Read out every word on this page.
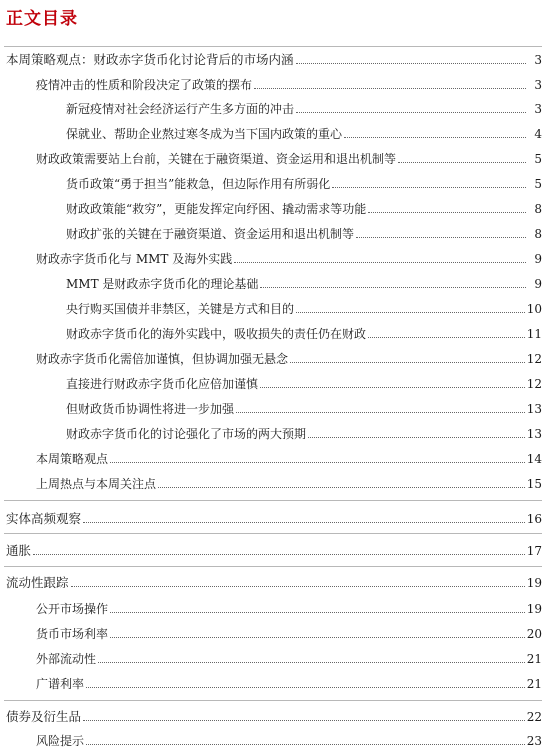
正文目录
本周策略观点：财政赤字货币化讨论背后的市场内涵	3
疫情冲击的性质和阶段决定了政策的摆布	3
新冠疫情对社会经济运行产生多方面的冲击	3
保就业、帮助企业熬过寒冬成为当下国内政策的重心	4
财政政策需要站上台前，关键在于融资渠道、资金运用和退出机制等	5
货币政策“勇于担当”能救急，但边际作用有所弱化	5
财政政策能“救穷”，更能发挥定向纾困、撬动需求等功能	8
财政扩张的关键在于融资渠道、资金运用和退出机制等	8
财政赤字货币化与 MMT 及海外实践	9
MMT 是财政赤字货币化的理论基础	9
央行购买国债并非禁区，关键是方式和目的	10
财政赤字货币化的海外实践中，吸收损失的责任仍在财政	11
财政赤字货币化需倍加谨慎，但协调加强无悬念	12
直接进行财政赤字货币化应倍加谨慎	12
但财政货币协调性将进一步加强	13
财政赤字货币化的讨论强化了市场的两大预期	13
本周策略观点	14
上周热点与本周关注点	15
实体高频观察	16
通胀	17
流动性跟踪	19
公开市场操作	19
货币市场利率	20
外部流动性	21
广谱利率	21
债券及衍生品	22
风险提示	23
